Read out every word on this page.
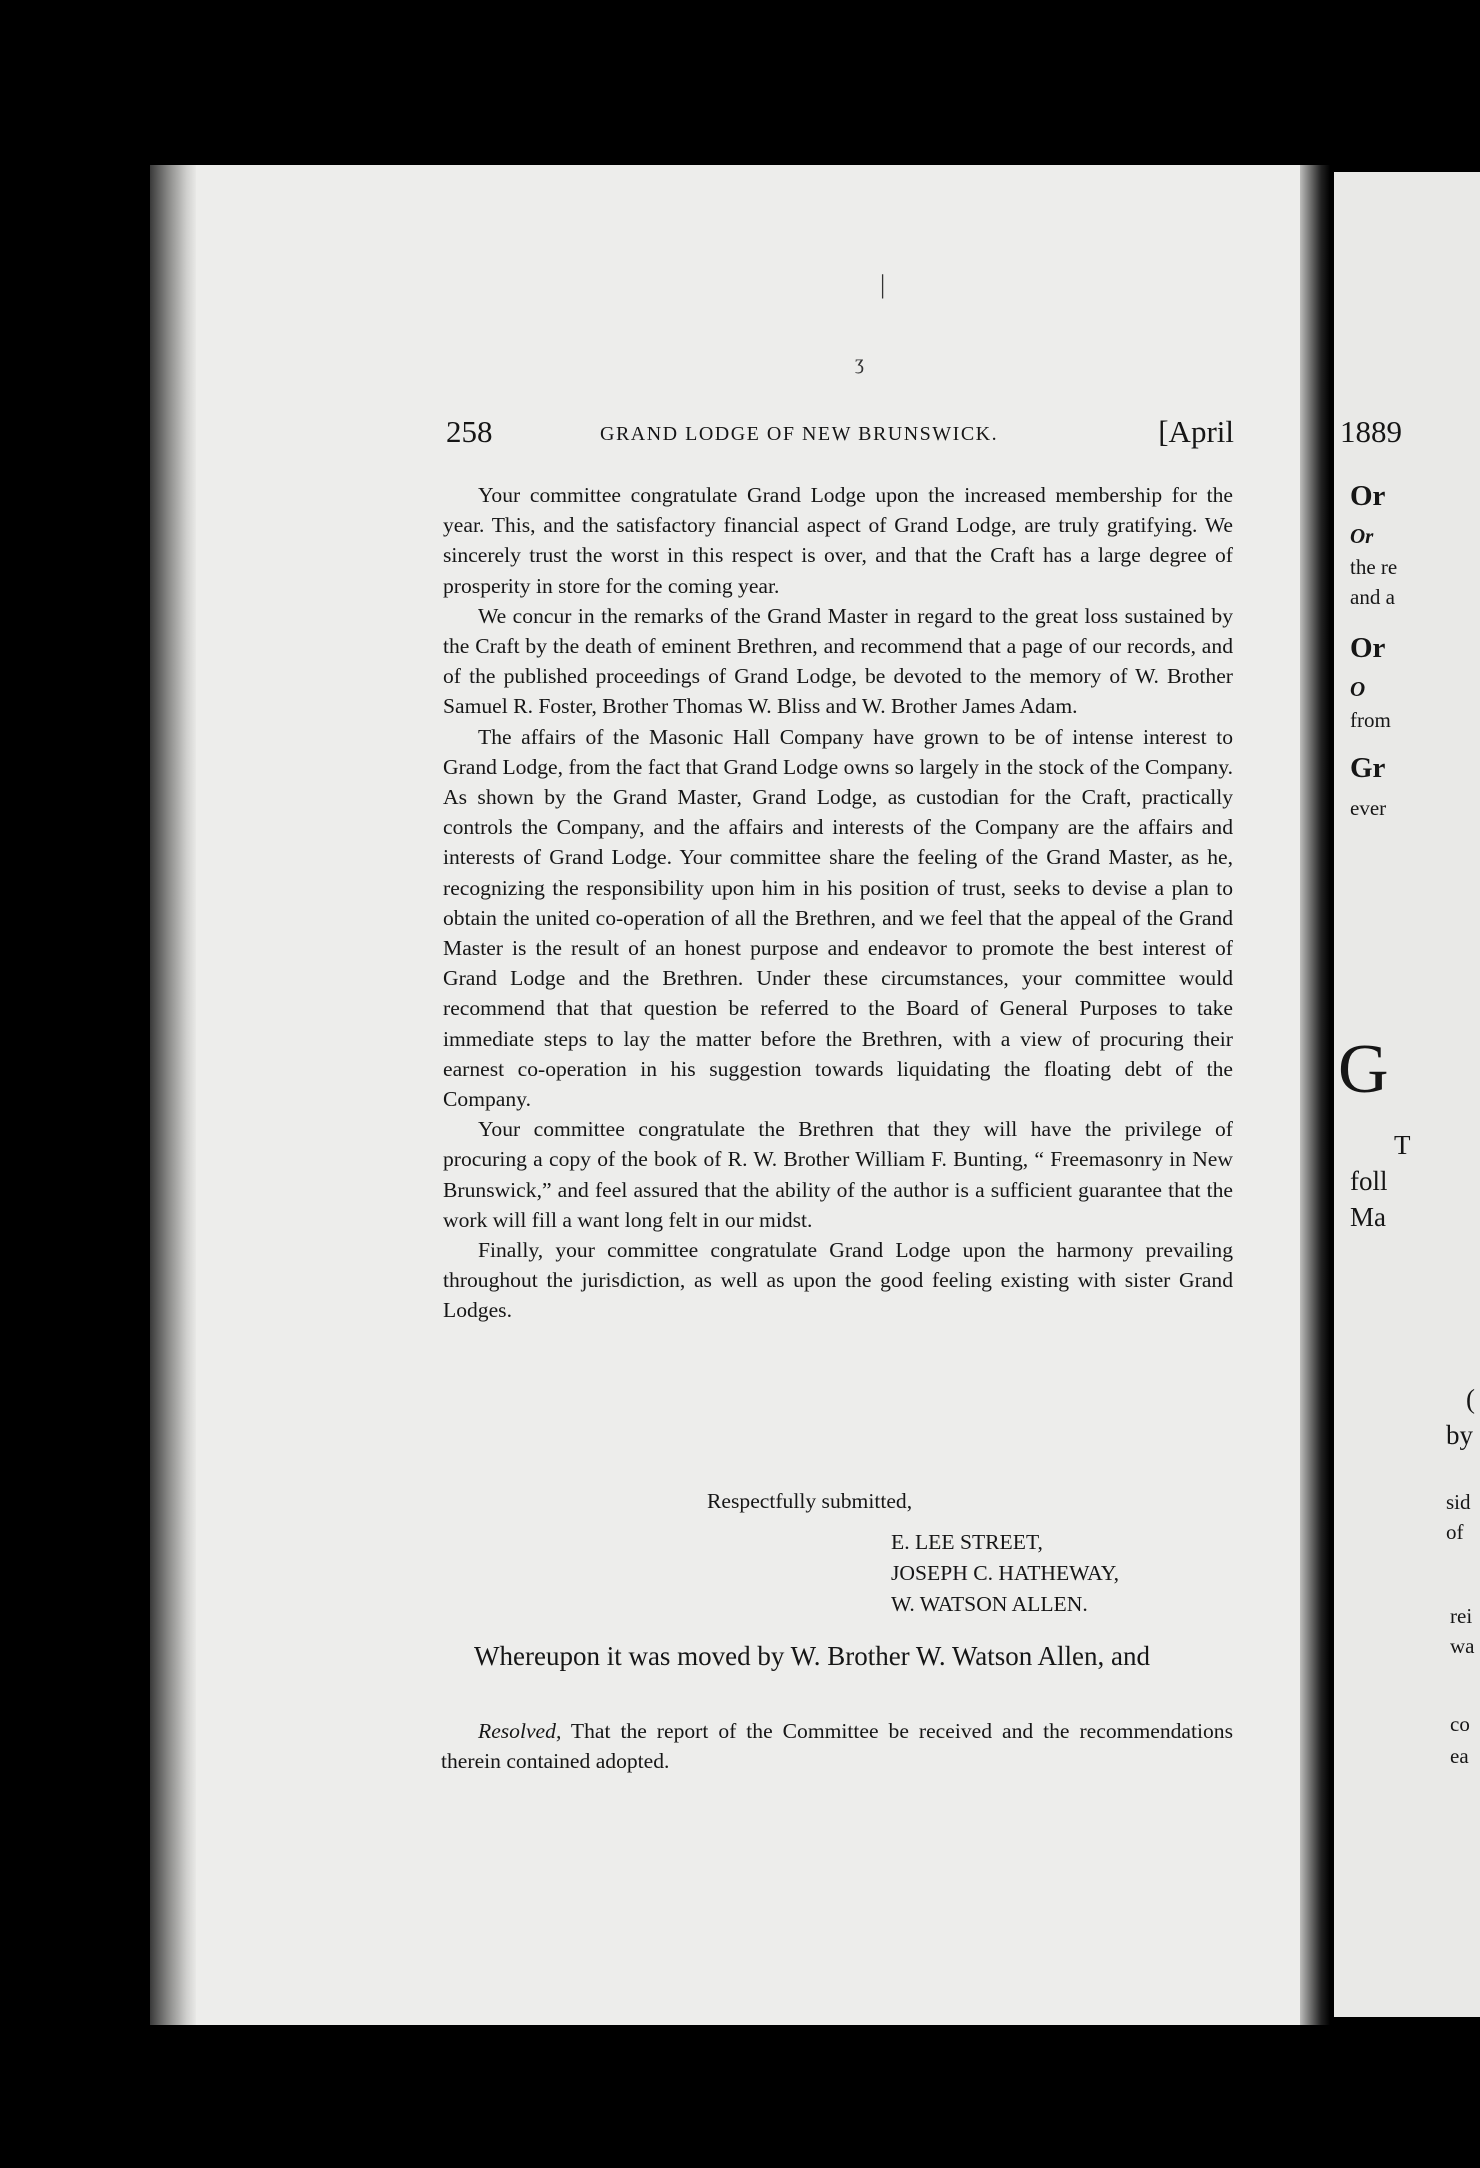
|
ʒ
258	GRAND LODGE OF NEW BRUNSWICK.	[April

Your committee congratulate Grand Lodge upon the increased membership for the year. This, and the satisfactory financial aspect of Grand Lodge, are truly gratifying. We sincerely trust the worst in this respect is over, and that the Craft has a large degree of prosperity in store for the coming year.

We concur in the remarks of the Grand Master in regard to the great loss sustained by the Craft by the death of eminent Brethren, and recommend that a page of our records, and of the published proceedings of Grand Lodge, be devoted to the memory of W. Brother Samuel R. Foster, Brother Thomas W. Bliss and W. Brother James Adam.

The affairs of the Masonic Hall Company have grown to be of intense interest to Grand Lodge, from the fact that Grand Lodge owns so largely in the stock of the Company. As shown by the Grand Master, Grand Lodge, as custodian for the Craft, practically controls the Company, and the affairs and interests of the Company are the affairs and interests of Grand Lodge. Your committee share the feeling of the Grand Master, as he, recognizing the responsibility upon him in his position of trust, seeks to devise a plan to obtain the united co-operation of all the Brethren, and we feel that the appeal of the Grand Master is the result of an honest purpose and endeavor to promote the best interest of Grand Lodge and the Brethren. Under these circumstances, your committee would recommend that that question be referred to the Board of General Purposes to take immediate steps to lay the matter before the Brethren, with a view of procuring their earnest co-operation in his suggestion towards liquidating the floating debt of the Company.

Your committee congratulate the Brethren that they will have the privilege of procuring a copy of the book of R. W. Brother William F. Bunting, “ Freemasonry in New Brunswick,” and feel assured that the ability of the author is a sufficient guarantee that the work will fill a want long felt in our midst.

Finally, your committee congratulate Grand Lodge upon the harmony prevailing throughout the jurisdiction, as well as upon the good feeling existing with sister Grand Lodges.

Respectfully submitted,
E. LEE STREET,
JOSEPH C. HATHEWAY,
W. WATSON ALLEN.
Whereupon it was moved by W. Brother W. Watson Allen, and
Resolved, That the report of the Committee be received and the recommendations therein contained adopted.
1889
Or
Or
the re
and a
Or
O
from
Gr
ever
G
T
foll
Ma
(
by
sid
of
rei
wa
co
ea
